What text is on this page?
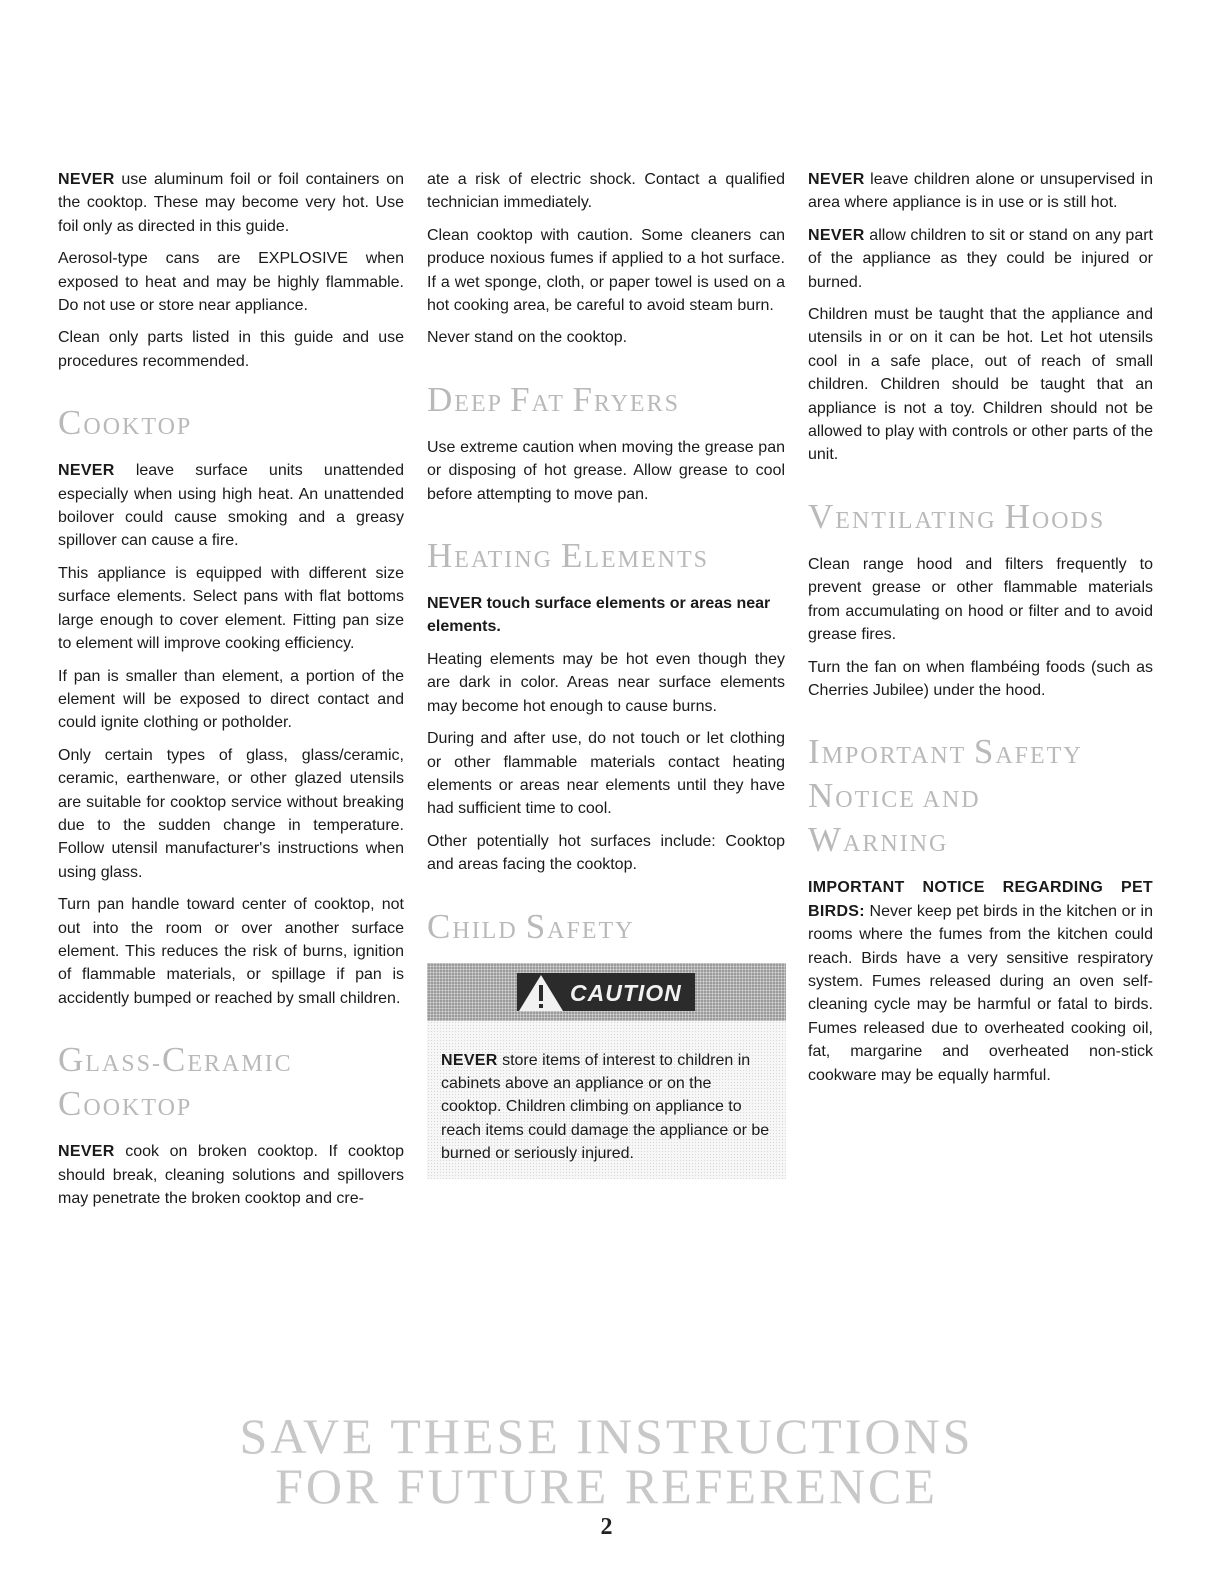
NEVER use aluminum foil or foil containers on the cooktop. These may become very hot. Use foil only as directed in this guide.

Aerosol-type cans are EXPLOSIVE when exposed to heat and may be highly flammable. Do not use or store near appliance.

Clean only parts listed in this guide and use procedures recommended.

COOKTOP

NEVER leave surface units unattended especially when using high heat. An unattended boilover could cause smoking and a greasy spillover can cause a fire.

This appliance is equipped with different size surface elements. Select pans with flat bottoms large enough to cover element. Fitting pan size to element will improve cooking efficiency.

If pan is smaller than element, a portion of the element will be exposed to direct contact and could ignite clothing or potholder.

Only certain types of glass, glass/ceramic, ceramic, earthenware, or other glazed utensils are suitable for cooktop service without breaking due to the sudden change in temperature. Follow utensil manufacturer's instructions when using glass.

Turn pan handle toward center of cooktop, not out into the room or over another surface element. This reduces the risk of burns, ignition of flammable materials, or spillage if pan is accidently bumped or reached by small children.

GLASS-CERAMIC
COOKTOP

NEVER cook on broken cooktop. If cooktop should break, cleaning solutions and spillovers may penetrate the broken cooktop and cre-

ate a risk of electric shock. Contact a qualified technician immediately.

Clean cooktop with caution. Some cleaners can produce noxious fumes if applied to a hot surface. If a wet sponge, cloth, or paper towel is used on a hot cooking area, be careful to avoid steam burn.

Never stand on the cooktop.

DEEP FAT FRYERS

Use extreme caution when moving the grease pan or disposing of hot grease. Allow grease to cool before attempting to move pan.

HEATING ELEMENTS

NEVER touch surface elements or areas near elements.

Heating elements may be hot even though they are dark in color. Areas near surface elements may become hot enough to cause burns.

During and after use, do not touch or let clothing or other flammable materials contact heating elements or areas near elements until they have had sufficient time to cool.

Other potentially hot surfaces include: Cooktop and areas facing the cooktop.

CHILD SAFETY
CAUTION

NEVER store items of interest to children in cabinets above an appliance or on the cooktop. Children climbing on appliance to reach items could damage the appliance or be burned or seriously injured.

NEVER leave children alone or unsupervised in area where appliance is in use or is still hot.

NEVER allow children to sit or stand on any part of the appliance as they could be injured or burned.

Children must be taught that the appliance and utensils in or on it can be hot. Let hot utensils cool in a safe place, out of reach of small children. Children should be taught that an appliance is not a toy. Children should not be allowed to play with controls or other parts of the unit.

VENTILATING HOODS

Clean range hood and filters frequently to prevent grease or other flammable materials from accumulating on hood or filter and to avoid grease fires.

Turn the fan on when flambéing foods (such as Cherries Jubilee) under the hood.

IMPORTANT SAFETY
NOTICE AND
WARNING

IMPORTANT NOTICE REGARDING PET BIRDS: Never keep pet birds in the kitchen or in rooms where the fumes from the kitchen could reach. Birds have a very sensitive respiratory system. Fumes released during an oven self-cleaning cycle may be harmful or fatal to birds. Fumes released due to overheated cooking oil, fat, margarine and overheated non-stick cookware may be equally harmful.

SAVE THESE INSTRUCTIONS
FOR FUTURE REFERENCE
2
